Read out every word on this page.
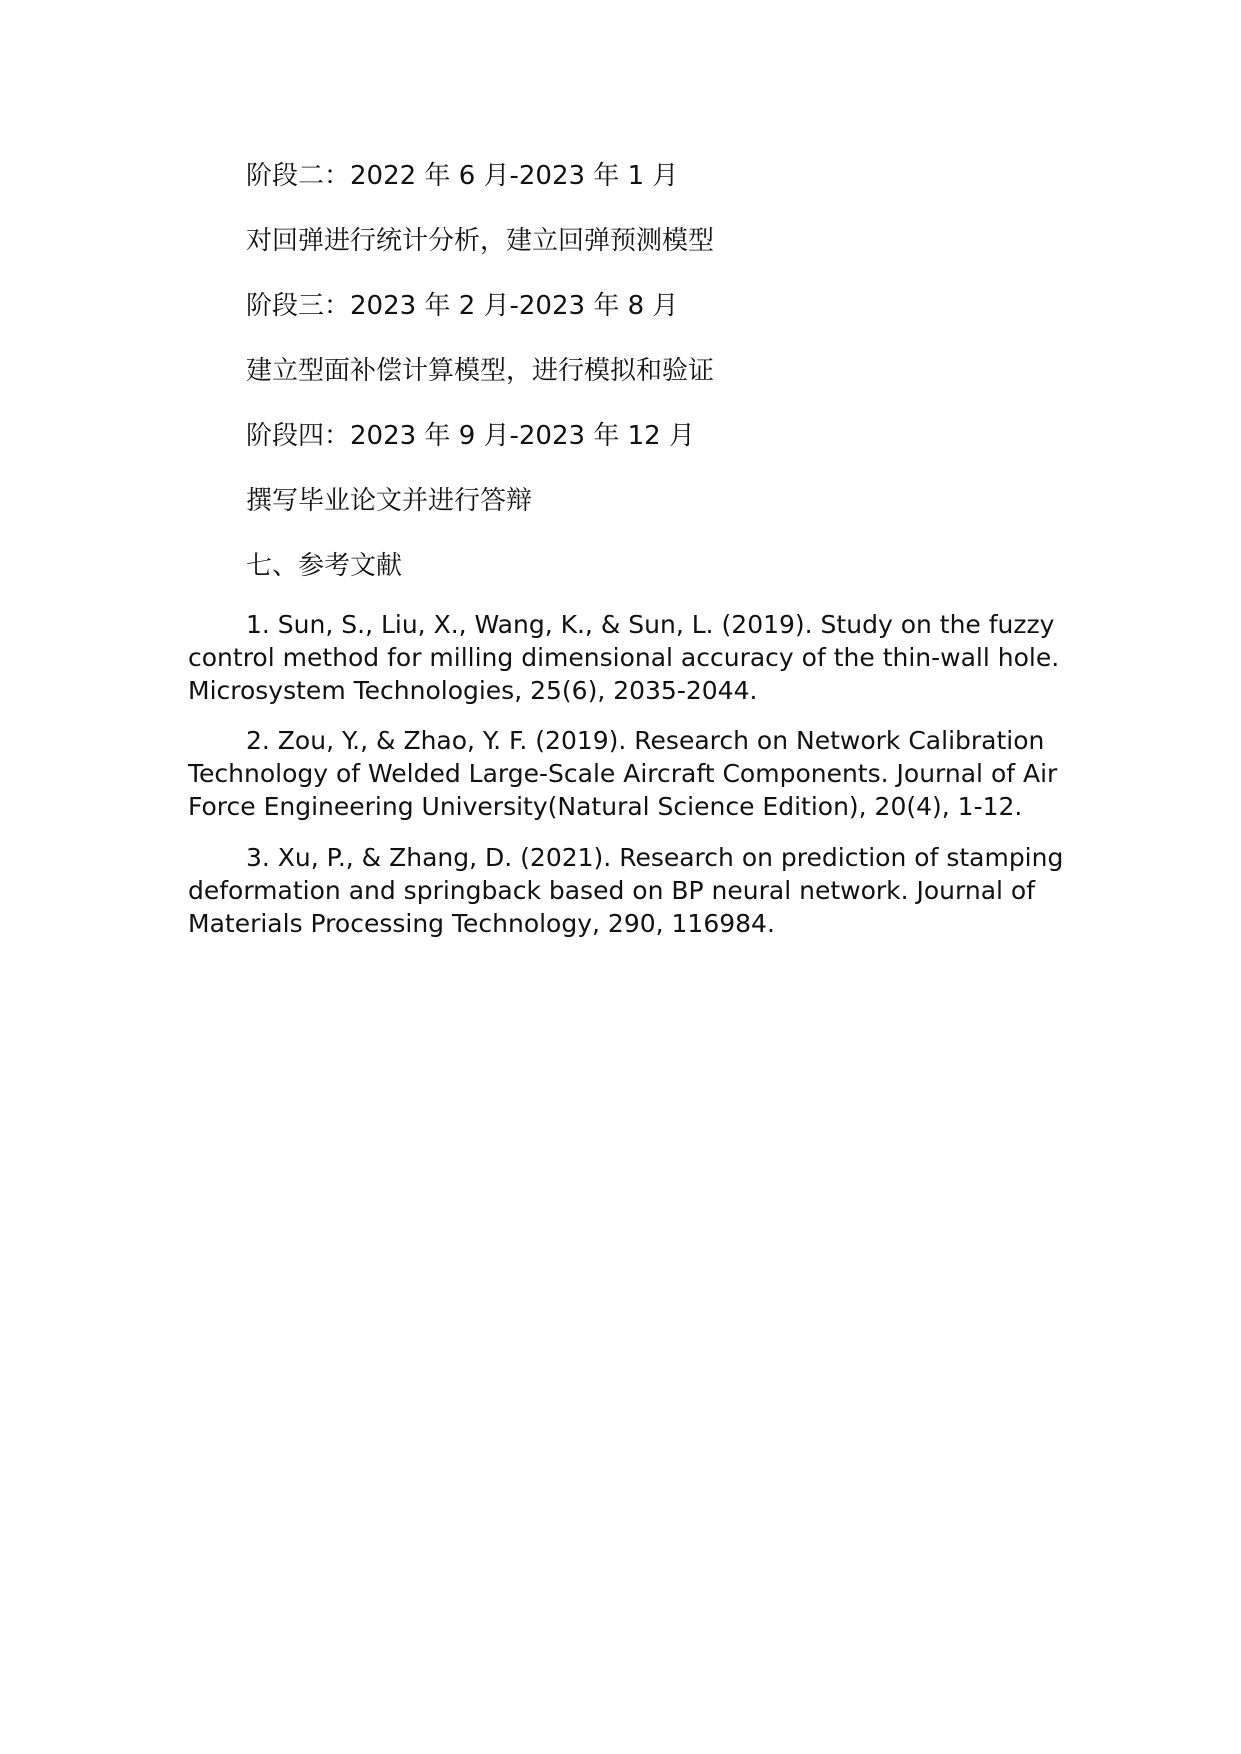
阶段二：2022 年 6 月-2023 年 1 月
对回弹进行统计分析，建立回弹预测模型
阶段三：2023 年 2 月-2023 年 8 月
建立型面补偿计算模型，进行模拟和验证
阶段四：2023 年 9 月-2023 年 12 月
撰写毕业论文并进行答辩
七、参考文献
1. Sun, S., Liu, X., Wang, K., & Sun, L. (2019). Study on the fuzzy control method for milling dimensional accuracy of the thin-wall hole. Microsystem Technologies, 25(6), 2035-2044.
2. Zou, Y., & Zhao, Y. F. (2019). Research on Network Calibration Technology of Welded Large-Scale Aircraft Components. Journal of Air Force Engineering University(Natural Science Edition), 20(4), 1-12.
3. Xu, P., & Zhang, D. (2021). Research on prediction of stamping deformation and springback based on BP neural network. Journal of Materials Processing Technology, 290, 116984.
